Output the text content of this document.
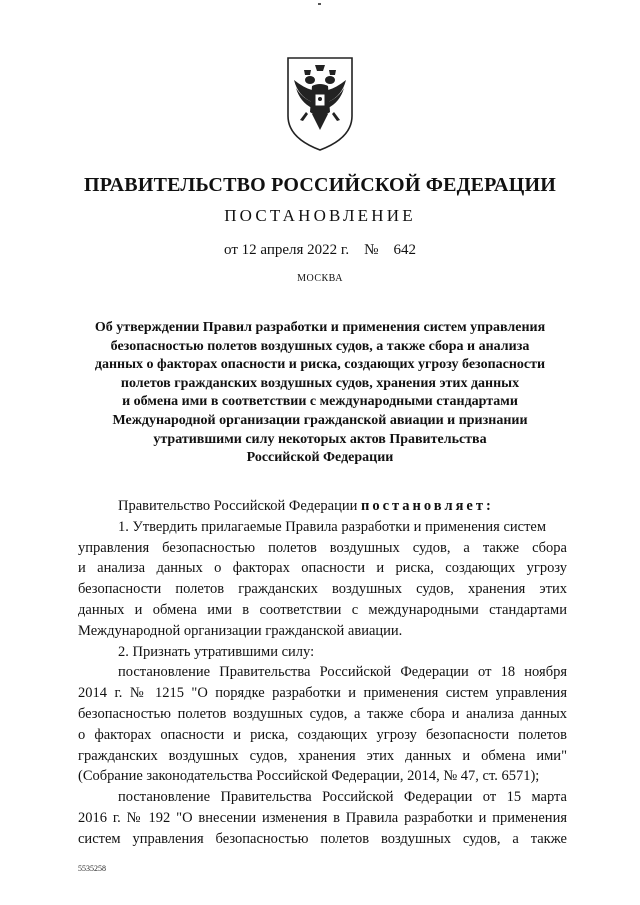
ПРАВИТЕЛЬСТВО РОССИЙСКОЙ ФЕДЕРАЦИИ
ПОСТАНОВЛЕНИЕ
от 12 апреля 2022 г. № 642
МОСКВА
Об утверждении Правил разработки и применения систем управления
безопасностью полетов воздушных судов, а также сбора и анализа
данных о факторах опасности и риска, создающих угрозу безопасности
полетов гражданских воздушных судов, хранения этих данных
и обмена ими в соответствии с международными стандартами
Международной организации гражданской авиации и признании
утратившими силу некоторых актов Правительства
Российской Федерации
Правительство Российской Федерации постановляет:
1. Утвердить прилагаемые Правила разработки и применения систем
управления безопасностью полетов воздушных судов, а также сбора
и анализа данных о факторах опасности и риска, создающих угрозу
безопасности полетов гражданских воздушных судов, хранения этих
данных и обмена ими в соответствии с международными стандартами
Международной организации гражданской авиации.
2. Признать утратившими силу:
постановление Правительства Российской Федерации от 18 ноября
2014 г. № 1215 "О порядке разработки и применения систем управления
безопасностью полетов воздушных судов, а также сбора и анализа данных
о факторах опасности и риска, создающих угрозу безопасности полетов
гражданских воздушных судов, хранения этих данных и обмена ими"
(Собрание законодательства Российской Федерации, 2014, № 47, ст. 6571);
постановление Правительства Российской Федерации от 15 марта
2016 г. № 192 "О внесении изменения в Правила разработки и применения
систем управления безопасностью полетов воздушных судов, а также
5535258
